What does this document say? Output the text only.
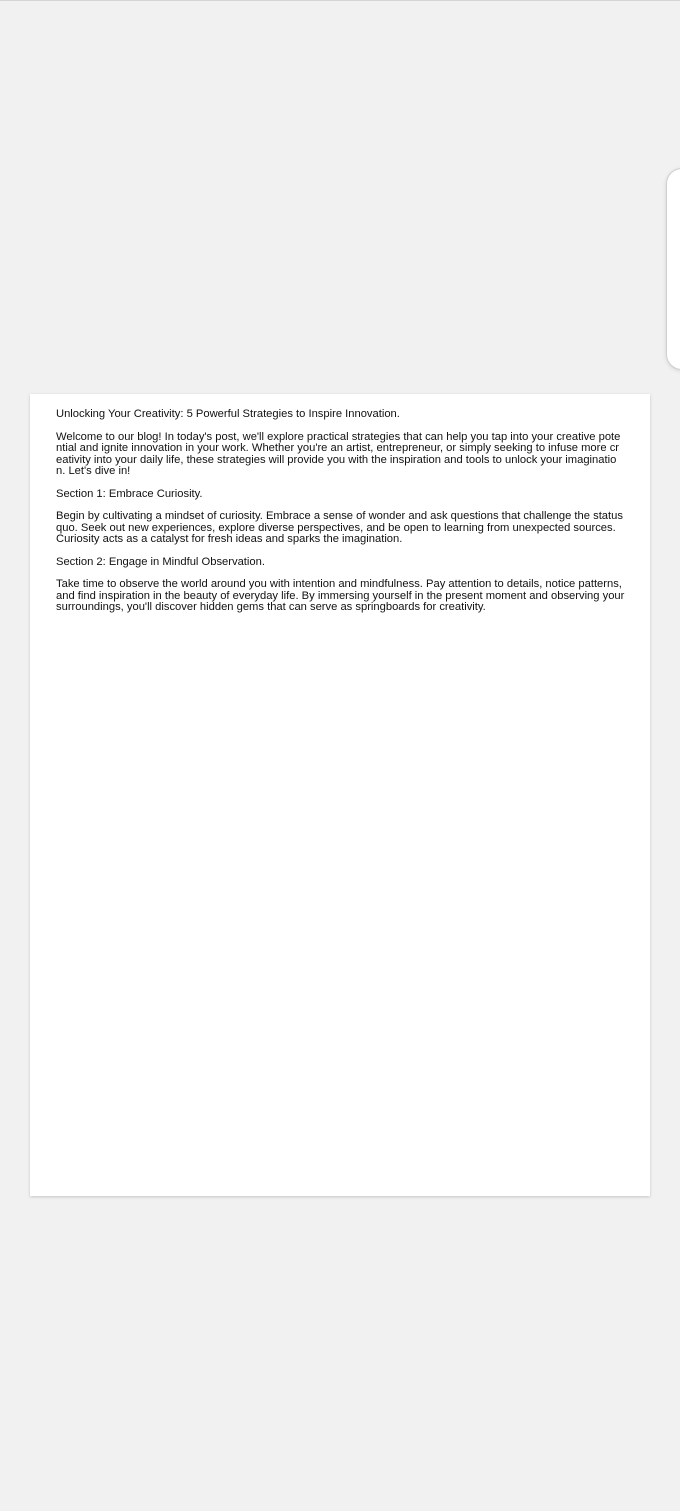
Unlocking Your Creativity: 5 Powerful Strategies to Inspire Innovation.

Welcome to our blog! In today's post, we'll explore practical strategies that can help you tap into your creative potential and ignite innovation in your work. Whether you're an artist, entrepreneur, or simply seeking to infuse more creativity into your daily life, these strategies will provide you with the inspiration and tools to unlock your imagination. Let's dive in!

Section 1: Embrace Curiosity.

Begin by cultivating a mindset of curiosity. Embrace a sense of wonder and ask questions that challenge the status quo. Seek out new experiences, explore diverse perspectives, and be open to learning from unexpected sources. Curiosity acts as a catalyst for fresh ideas and sparks the imagination.

Section 2: Engage in Mindful Observation.

Take time to observe the world around you with intention and mindfulness. Pay attention to details, notice patterns, and find inspiration in the beauty of everyday life. By immersing yourself in the present moment and observing your surroundings, you'll discover hidden gems that can serve as springboards for creativity.
